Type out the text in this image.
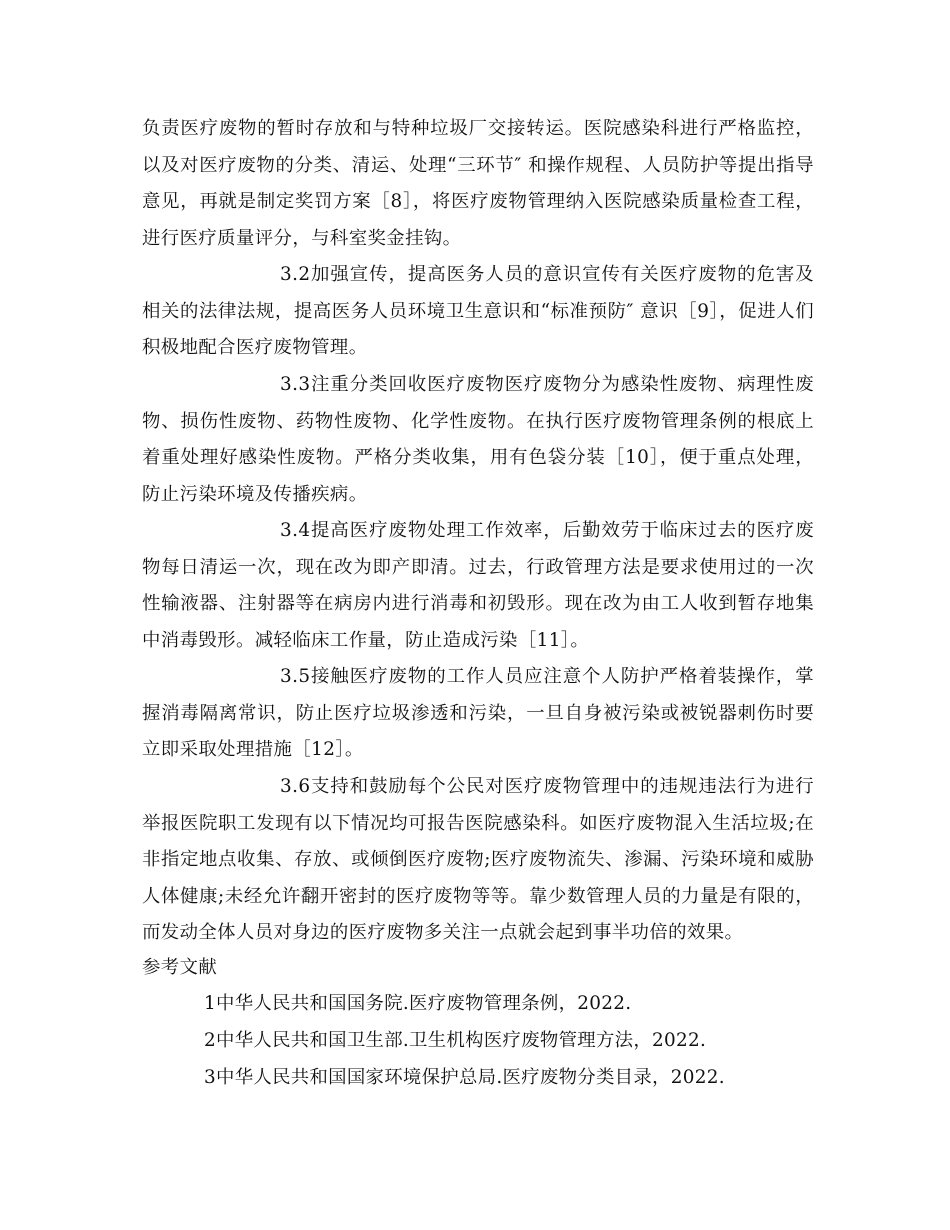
负责医疗废物的暂时存放和与特种垃圾厂交接转运。医院感染科进行严格监控，以及对医疗废物的分类、清运、处理“三环节″ 和操作规程、人员防护等提出指导意见，再就是制定奖罚方案［8］，将医疗废物管理纳入医院感染质量检查工程，进行医疗质量评分，与科室奖金挂钩。

3.2加强宣传，提高医务人员的意识宣传有关医疗废物的危害及相关的法律法规，提高医务人员环境卫生意识和“标准预防″ 意识［9］，促进人们积极地配合医疗废物管理。

3.3注重分类回收医疗废物医疗废物分为感染性废物、病理性废物、损伤性废物、药物性废物、化学性废物。在执行医疗废物管理条例的根底上着重处理好感染性废物。严格分类收集，用有色袋分装［10］，便于重点处理，防止污染环境及传播疾病。

3.4提高医疗废物处理工作效率，后勤效劳于临床过去的医疗废物每日清运一次，现在改为即产即清。过去，行政管理方法是要求使用过的一次性输液器、注射器等在病房内进行消毒和初毁形。现在改为由工人收到暂存地集中消毒毁形。减轻临床工作量，防止造成污染［11］。

3.5接触医疗废物的工作人员应注意个人防护严格着装操作，掌握消毒隔离常识，防止医疗垃圾渗透和污染，一旦自身被污染或被锐器刺伤时要立即采取处理措施［12］。

3.6支持和鼓励每个公民对医疗废物管理中的违规违法行为进行举报医院职工发现有以下情况均可报告医院感染科。如医疗废物混入生活垃圾;在非指定地点收集、存放、或倾倒医疗废物;医疗废物流失、渗漏、污染环境和威胁人体健康;未经允许翻开密封的医疗废物等等。靠少数管理人员的力量是有限的，而发动全体人员对身边的医疗废物多关注一点就会起到事半功倍的效果。

参考文献

1中华人民共和国国务院.医疗废物管理条例，2022.

2中华人民共和国卫生部.卫生机构医疗废物管理方法，2022.

3中华人民共和国国家环境保护总局.医疗废物分类目录，2022.
